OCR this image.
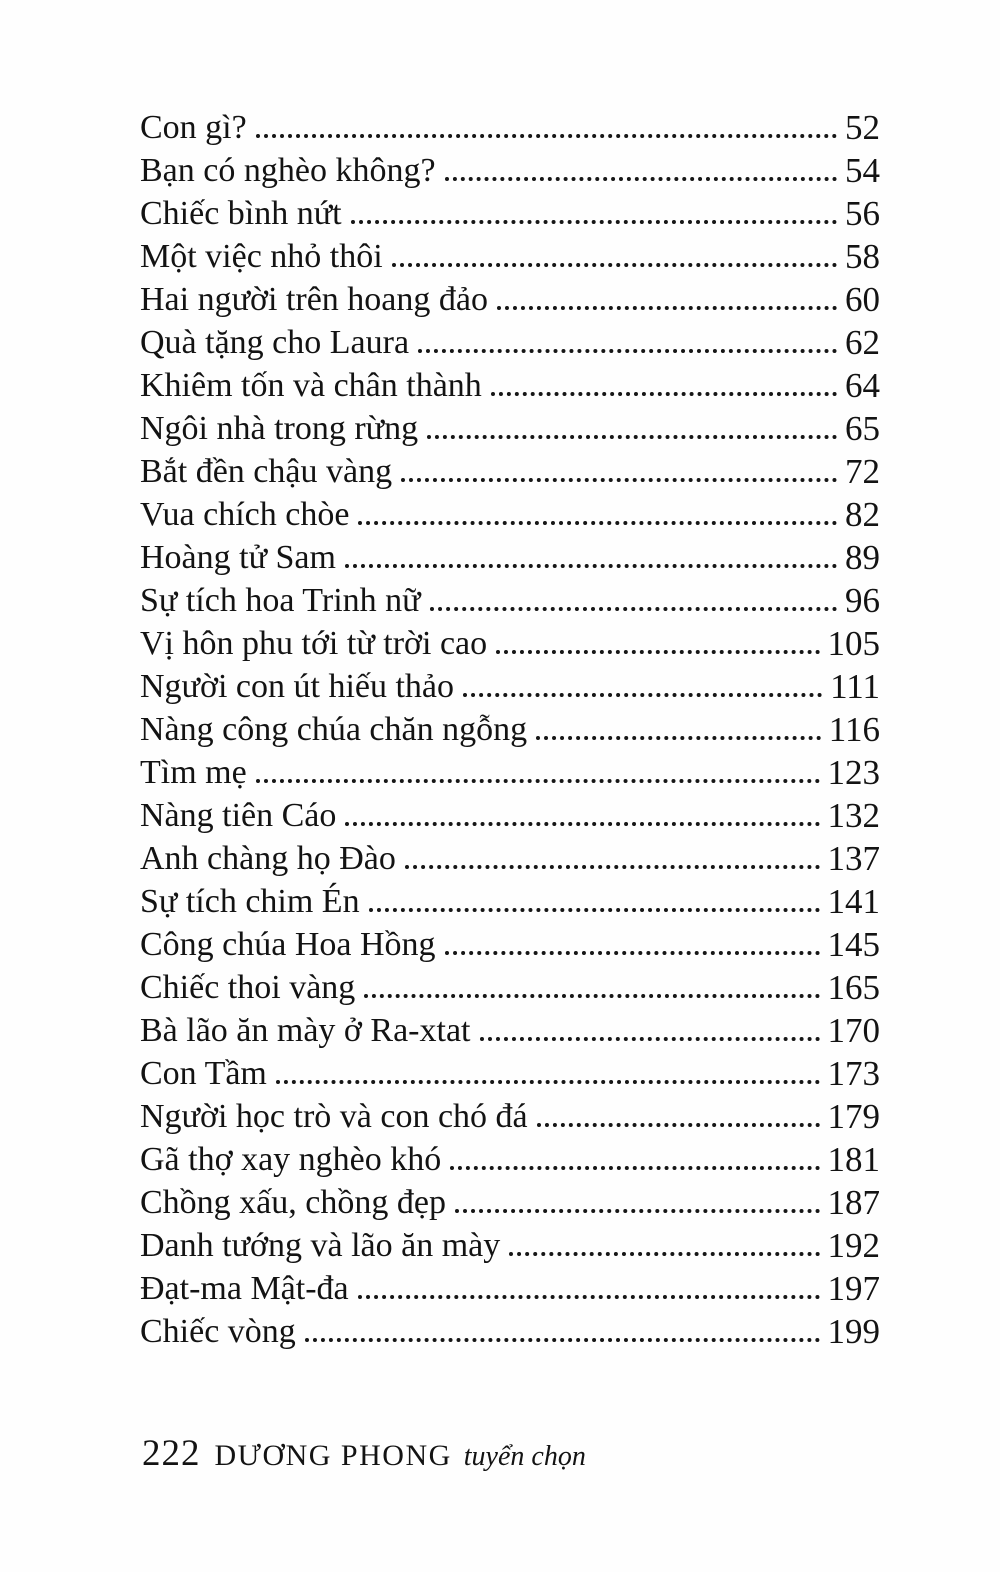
Con gì?	52
Bạn có nghèo không?	54
Chiếc bình nứt	56
Một việc nhỏ thôi	58
Hai người trên hoang đảo	60
Quà tặng cho Laura	62
Khiêm tốn và chân thành	64
Ngôi nhà trong rừng	65
Bắt đền chậu vàng	72
Vua chích chòe	82
Hoàng tử Sam	89
Sự tích hoa Trinh nữ	96
Vị hôn phu tới từ trời cao	105
Người con út hiếu thảo	111
Nàng công chúa chăn ngỗng	116
Tìm mẹ	123
Nàng tiên Cáo	132
Anh chàng họ Đào	137
Sự tích chim Én	141
Công chúa Hoa Hồng	145
Chiếc thoi vàng	165
Bà lão ăn mày ở Ra-xtat	170
Con Tầm	173
Người học trò và con chó đá	179
Gã thợ xay nghèo khó	181
Chồng xấu, chồng đẹp	187
Danh tướng và lão ăn mày	192
Đạt-ma Mật-đa	197
Chiếc vòng	199
222 DƯƠNG PHONG tuyển chọn
